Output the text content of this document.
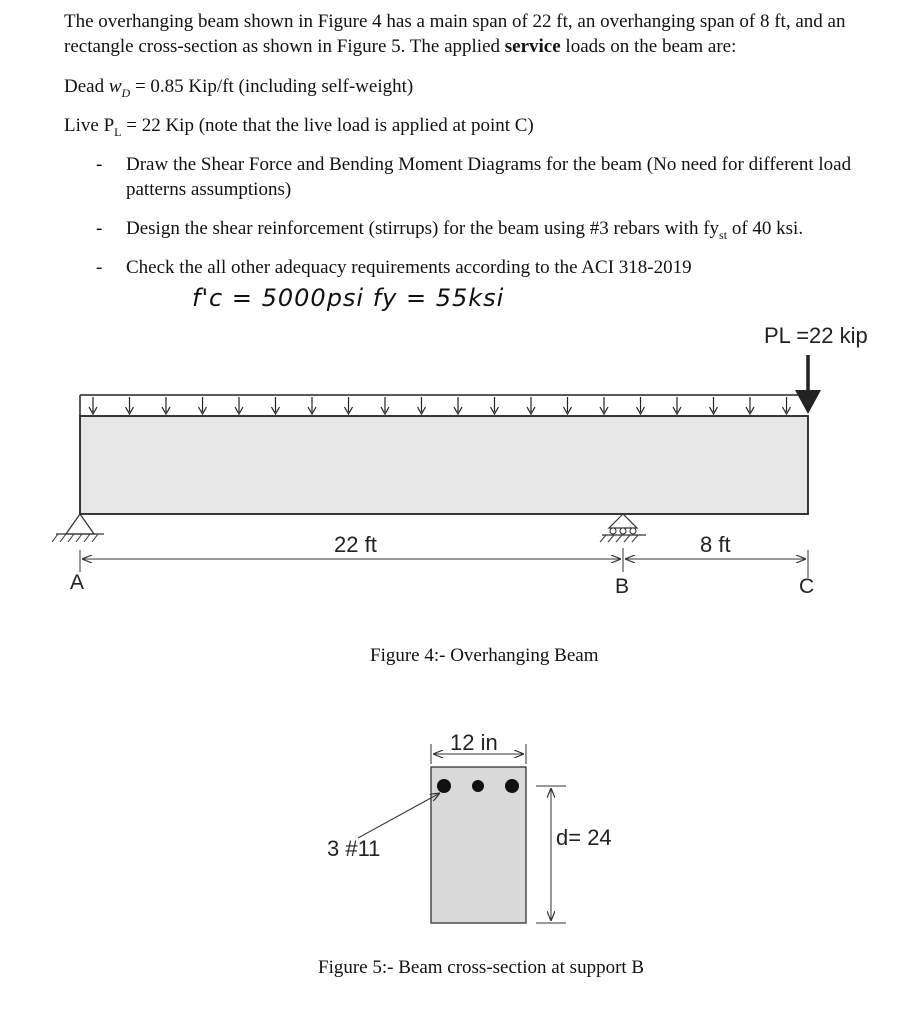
The overhanging beam shown in Figure 4 has a main span of 22 ft, an overhanging span of 8 ft, and an
rectangle cross-section as shown in Figure 5. The applied service loads on the beam are:
Dead $w_D = 0.85$ Kip/ft (including self-weight)
Live $P_L = 22$ Kip (note that the live load is applied at point C)
- Draw the Shear Force and Bending Moment Diagrams for the beam (No need for different load patterns assumptions)
- Design the shear reinforcement (stirrups) for the beam using #3 rebars with $fy_{st}$ of 40 ksi.
- Check the all other adequacy requirements according to the ACI 318-2019
f'c = 5000psi fy = 55ksi
PL =22 kip
22 ft	8 ft
A	B	C
12 in
3 #11	d= 24
Figure 4:- Overhanging Beam
Figure 5:- Beam cross-section at support B
